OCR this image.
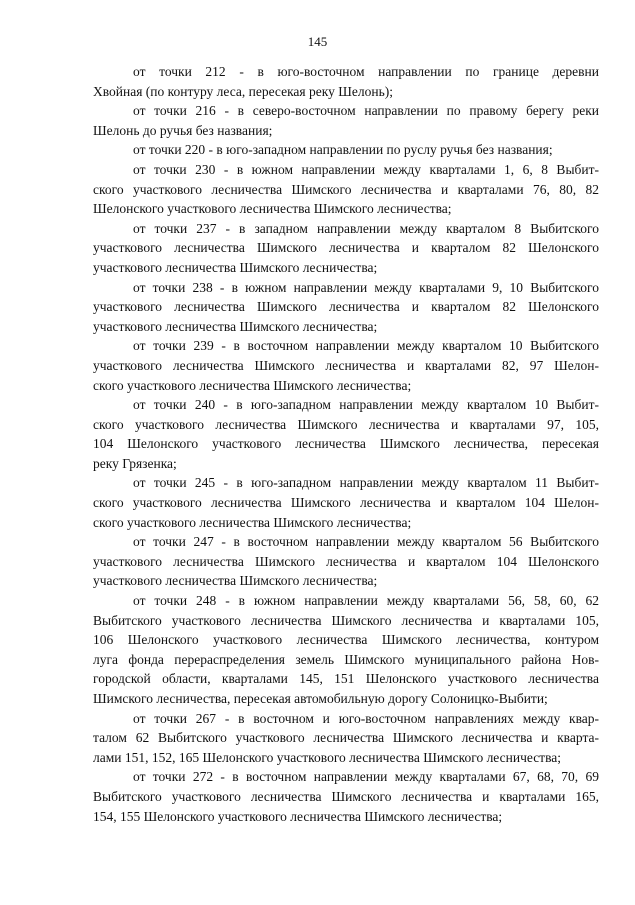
145

от точки 212 - в юго-восточном направлении по границе деревни
Хвойная (по контуру леса, пересекая реку Шелонь);

от точки 216 - в северо-восточном направлении по правому берегу реки
Шелонь до ручья без названия;

от точки 220 - в юго-западном направлении по руслу ручья без названия;

от точки 230 - в южном направлении между кварталами 1, 6, 8 Выбит-
ского участкового лесничества Шимского лесничества и кварталами 76, 80, 82
Шелонского участкового лесничества Шимского лесничества;

от точки 237 - в западном направлении между кварталом 8 Выбитского
участкового лесничества Шимского лесничества и кварталом 82 Шелонского
участкового лесничества Шимского лесничества;

от точки 238 - в южном направлении между кварталами 9, 10 Выбитского
участкового лесничества Шимского лесничества и кварталом 82 Шелонского
участкового лесничества Шимского лесничества;

от точки 239 - в восточном направлении между кварталом 10 Выбитского
участкового лесничества Шимского лесничества и кварталами 82, 97 Шелон-
ского участкового лесничества Шимского лесничества;

от точки 240 - в юго-западном направлении между кварталом 10 Выбит-
ского участкового лесничества Шимского лесничества и кварталами 97, 105,
104 Шелонского участкового лесничества Шимского лесничества, пересекая
реку Грязенка;

от точки 245 - в юго-западном направлении между кварталом 11 Выбит-
ского участкового лесничества Шимского лесничества и кварталом 104 Шелон-
ского участкового лесничества Шимского лесничества;

от точки 247 - в восточном направлении между кварталом 56 Выбитского
участкового лесничества Шимского лесничества и кварталом 104 Шелонского
участкового лесничества Шимского лесничества;

от точки 248 - в южном направлении между кварталами 56, 58, 60, 62
Выбитского участкового лесничества Шимского лесничества и кварталами 105,
106 Шелонского участкового лесничества Шимского лесничества, контуром
луга фонда перераспределения земель Шимского муниципального района Нов-
городской области, кварталами 145, 151 Шелонского участкового лесничества
Шимского лесничества, пересекая автомобильную дорогу Солоницко-Выбити;

от точки 267 - в восточном и юго-восточном направлениях между квар-
талом 62 Выбитского участкового лесничества Шимского лесничества и кварта-
лами 151, 152, 165 Шелонского участкового лесничества Шимского лесничества;

от точки 272 - в восточном направлении между кварталами 67, 68, 70, 69
Выбитского участкового лесничества Шимского лесничества и кварталами 165,
154, 155 Шелонского участкового лесничества Шимского лесничества;
